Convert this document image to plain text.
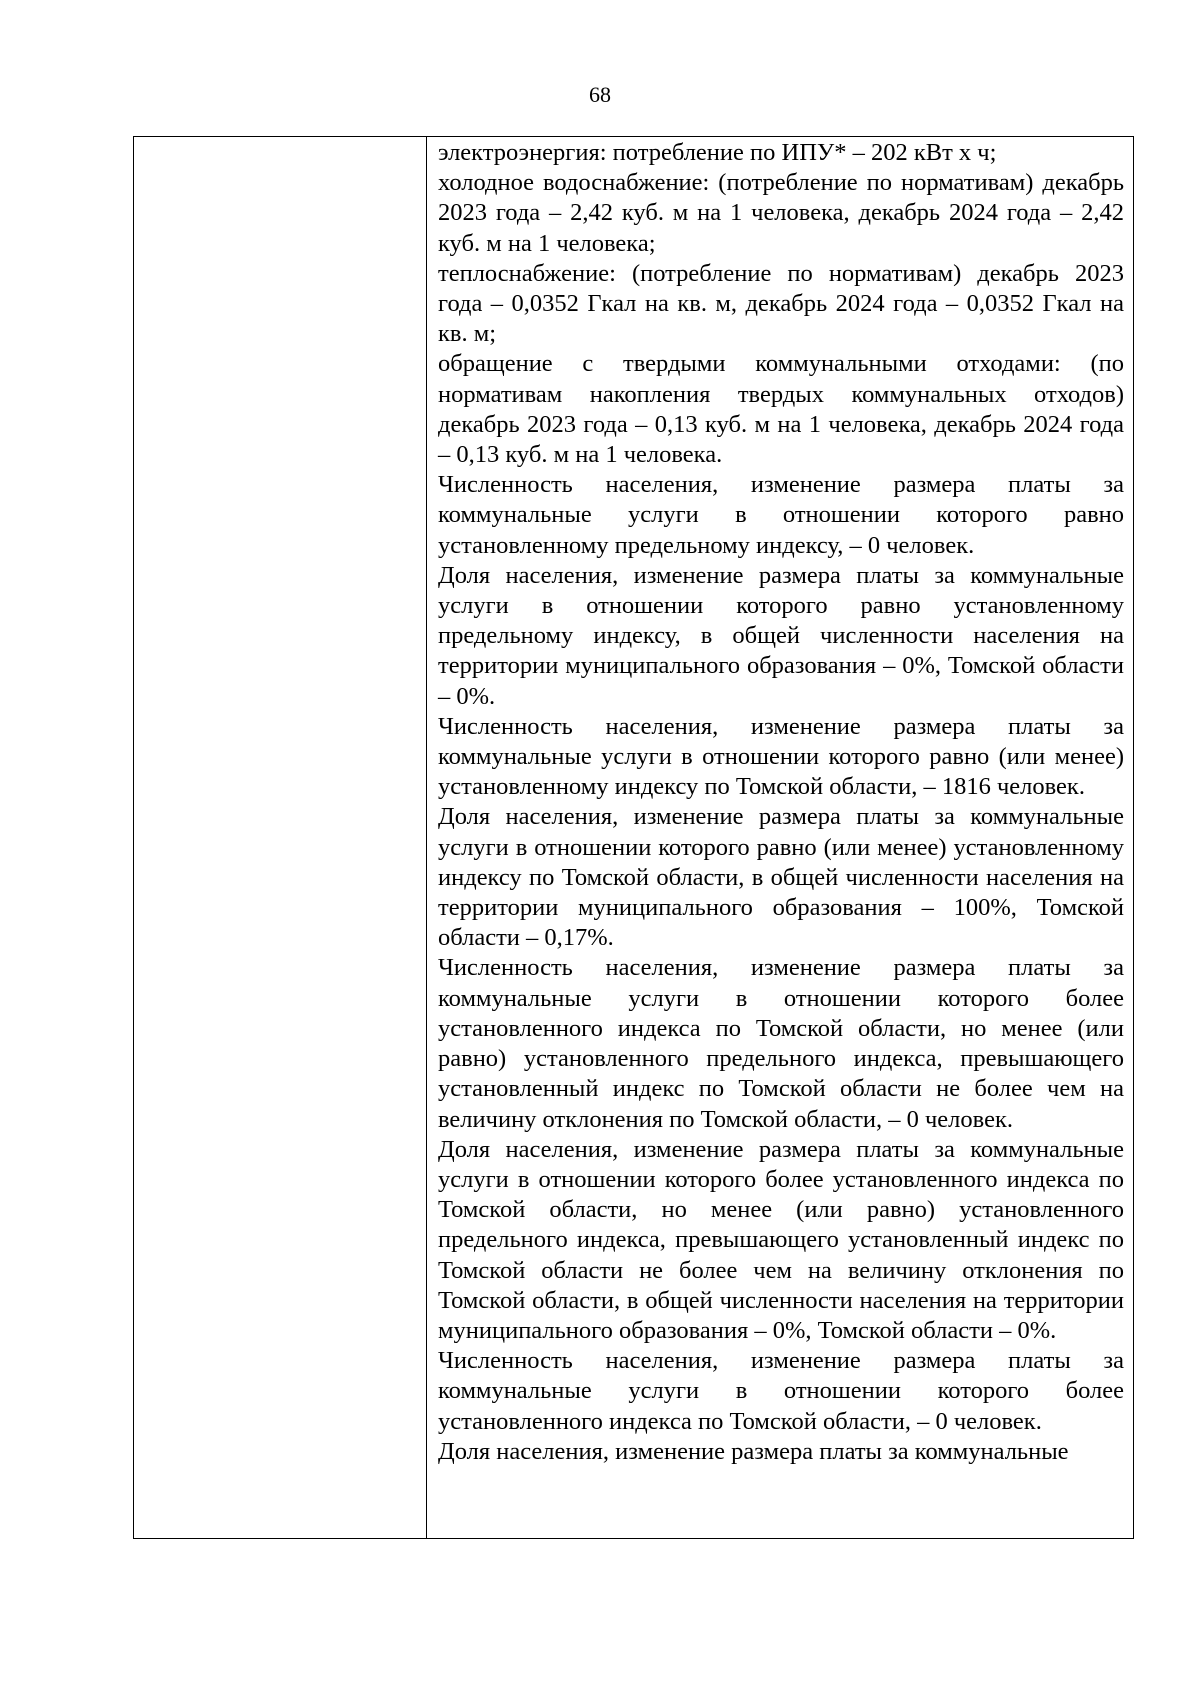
68

электроэнергия: потребление по ИПУ* – 202 кВт х ч;

холодное водоснабжение: (потребление по нормативам) декабрь 2023 года – 2,42 куб. м на 1 человека, декабрь 2024 года – 2,42 куб. м на 1 человека;

теплоснабжение: (потребление по нормативам) декабрь 2023 года – 0,0352 Гкал на кв. м, декабрь 2024 года – 0,0352 Гкал на кв. м;

обращение с твердыми коммунальными отходами: (по нормативам накопления твердых коммунальных отходов) декабрь 2023 года – 0,13 куб. м на 1 человека, декабрь 2024 года – 0,13 куб. м на 1 человека.

Численность населения, изменение размера платы за коммунальные услуги в отношении которого равно установленному предельному индексу, – 0 человек.

Доля населения, изменение размера платы за коммунальные услуги в отношении которого равно установленному предельному индексу, в общей численности населения на территории муниципального образования – 0%, Томской области – 0%.

Численность населения, изменение размера платы за коммунальные услуги в отношении которого равно (или менее) установленному индексу по Томской области, – 1816 человек.

Доля населения, изменение размера платы за коммунальные услуги в отношении которого равно (или менее) установленному индексу по Томской области, в общей численности населения на территории муниципального образования – 100%, Томской области – 0,17%.

Численность населения, изменение размера платы за коммунальные услуги в отношении которого более установленного индекса по Томской области, но менее (или равно) установленного предельного индекса, превышающего установленный индекс по Томской области не более чем на величину отклонения по Томской области, – 0 человек.

Доля населения, изменение размера платы за коммунальные услуги в отношении которого более установленного индекса по Томской области, но менее (или равно) установленного предельного индекса, превышающего установленный индекс по Томской области не более чем на величину отклонения по Томской области, в общей численности населения на территории муниципального образования – 0%, Томской области – 0%.

Численность населения, изменение размера платы за коммунальные услуги в отношении которого более установленного индекса по Томской области, – 0 человек.

Доля населения, изменение размера платы за коммунальные
